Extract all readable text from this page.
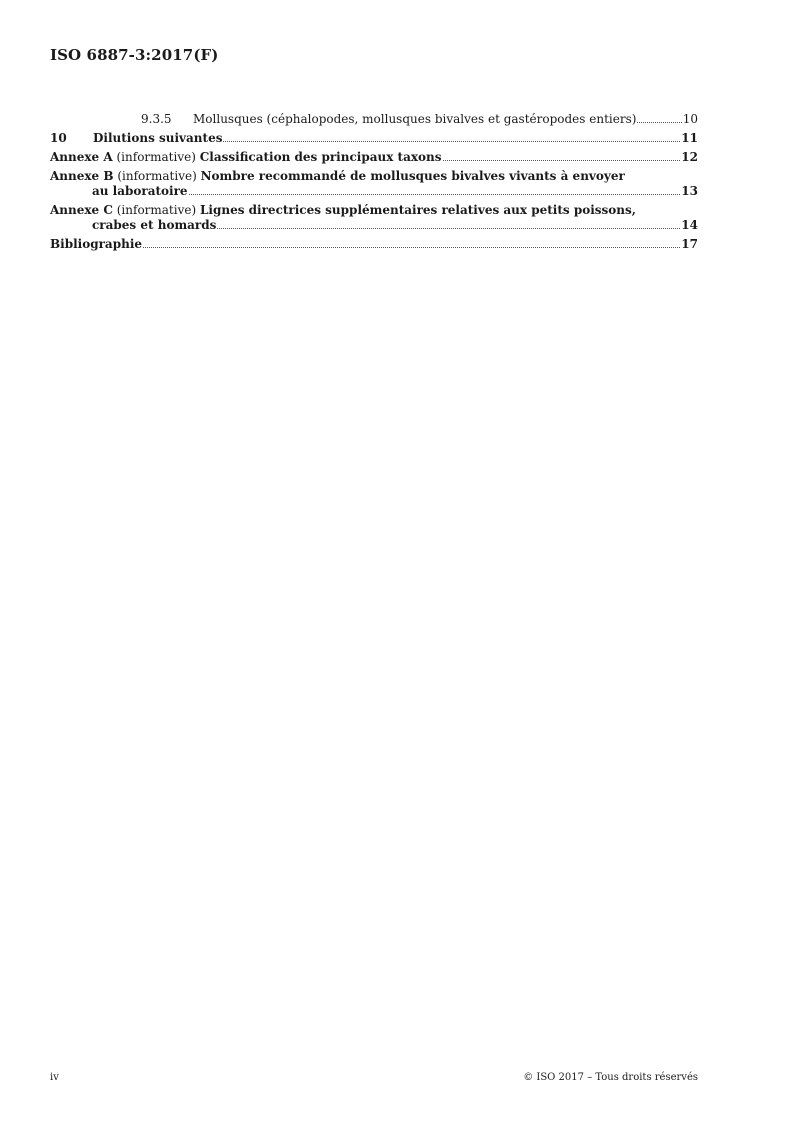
ISO 6887-3:2017(F)
9.3.5 Mollusques (céphalopodes, mollusques bivalves et gastéropodes entiers)	10
10 Dilutions suivantes	11
Annexe A (informative) Classification des principaux taxons	12
Annexe B (informative) Nombre recommandé de mollusques bivalves vivants à envoyer
au laboratoire	13
Annexe C (informative) Lignes directrices supplémentaires relatives aux petits poissons,
crabes et homards	14
Bibliographie	17
iv	© ISO 2017 – Tous droits réservés
